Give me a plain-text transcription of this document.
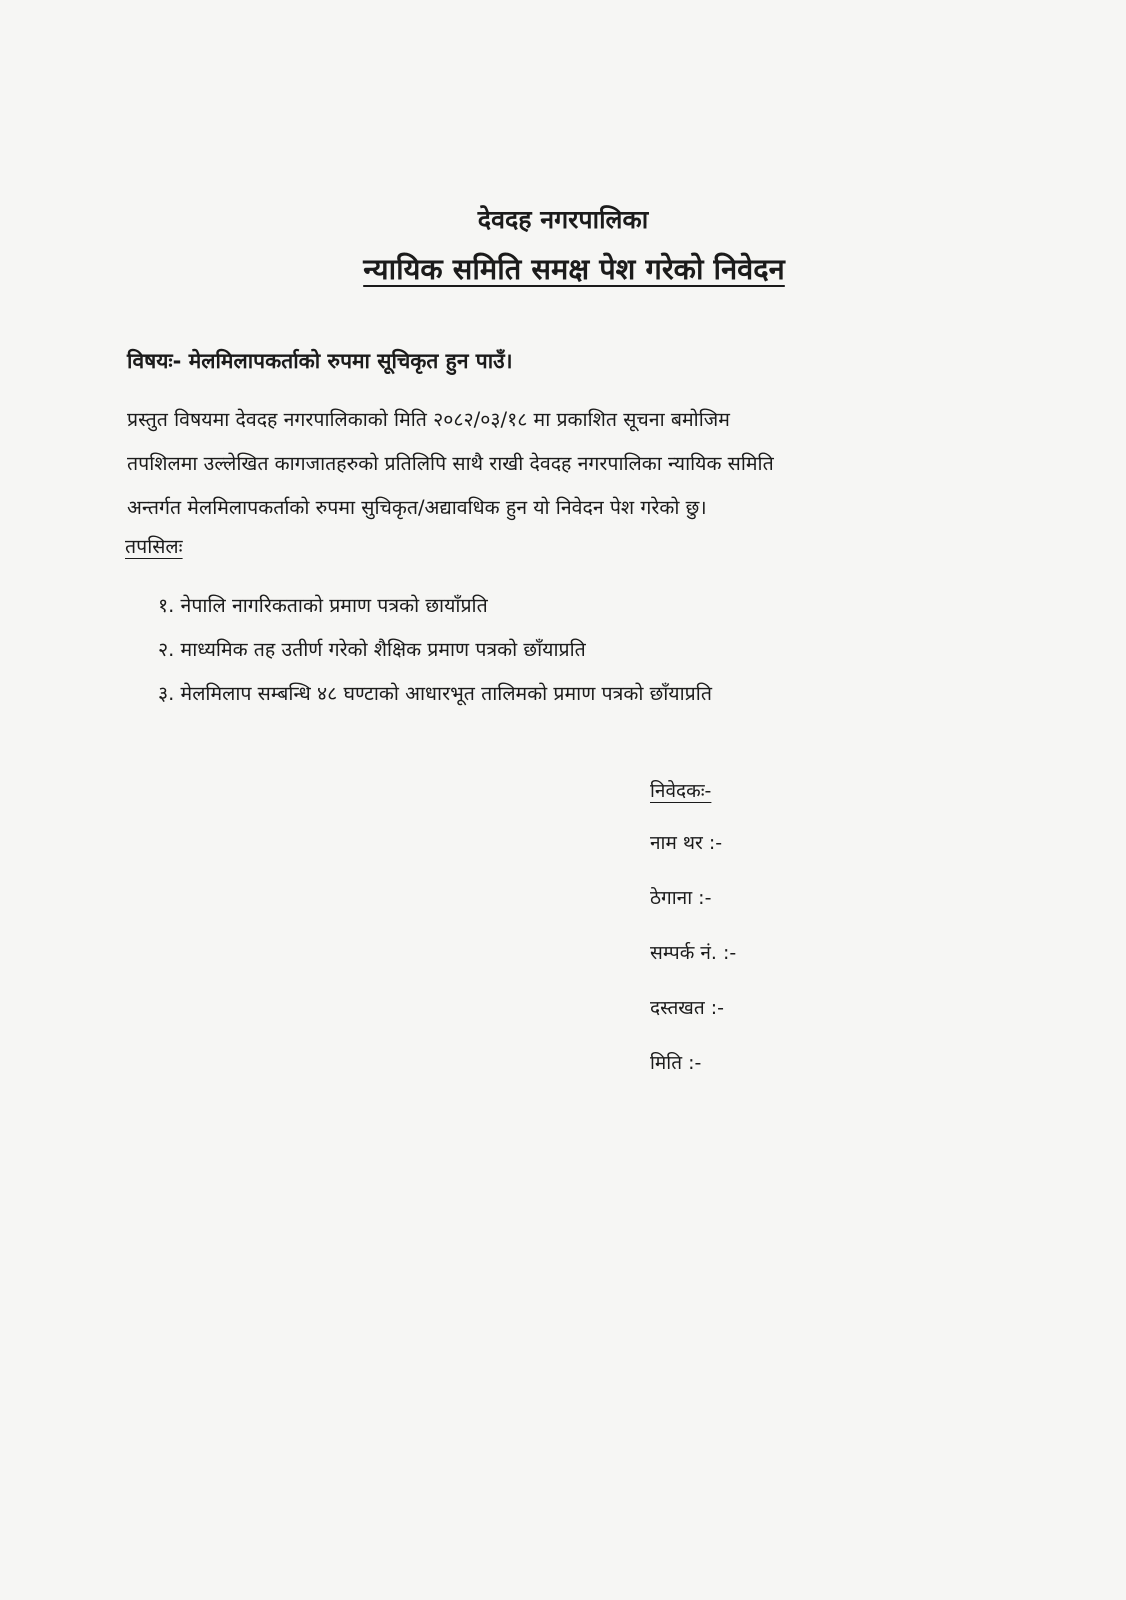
देवदह नगरपालिका
न्यायिक समिति समक्ष पेश गरेको निवेदन
विषयः- मेलमिलापकर्ताको रुपमा सूचिकृत हुन पाउँ।
प्रस्तुत विषयमा देवदह नगरपालिकाको मिति २०८२/०३/१८ मा प्रकाशित सूचना बमोजिम
तपशिलमा उल्लेखित कागजातहरुको प्रतिलिपि साथै राखी देवदह नगरपालिका न्यायिक समिति
अन्तर्गत मेलमिलापकर्ताको रुपमा सुचिकृत/अद्यावधिक हुन यो निवेदन पेश गरेको छु।
तपसिलः
१. नेपालि नागरिकताको प्रमाण पत्रको छायाँप्रति
२. माध्यमिक तह उतीर्ण गरेको शैक्षिक प्रमाण पत्रको छाँयाप्रति
३. मेलमिलाप सम्बन्धि ४८ घण्टाको आधारभूत तालिमको प्रमाण पत्रको छाँयाप्रति
निवेदकः-
नाम थर :-
ठेगाना :-
सम्पर्क नं. :-
दस्तखत :-
मिति :-
